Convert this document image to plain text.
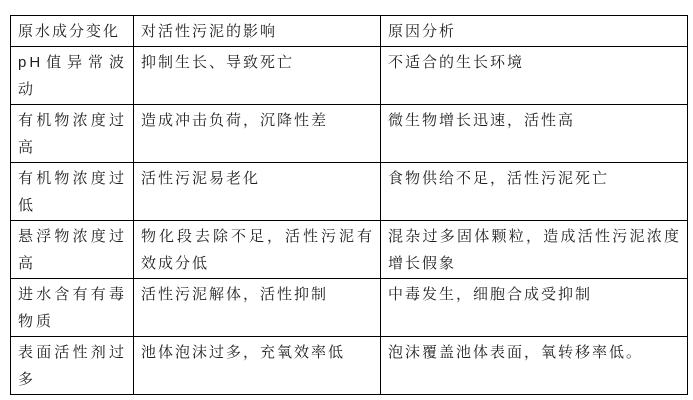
原水成分变化	对活性污泥的影响	原因分析
pH值异常波动	抑制生长、导致死亡	不适合的生长环境
有机物浓度过高	造成冲击负荷，沉降性差	微生物增长迅速，活性高
有机物浓度过低	活性污泥易老化	食物供给不足，活性污泥死亡
悬浮物浓度过高	物化段去除不足，活性污泥有效成分低	混杂过多固体颗粒，造成活性污泥浓度增长假象
进水含有有毒物质	活性污泥解体，活性抑制	中毒发生，细胞合成受抑制
表面活性剂过多	池体泡沫过多，充氧效率低	泡沫覆盖池体表面，氧转移率低。
